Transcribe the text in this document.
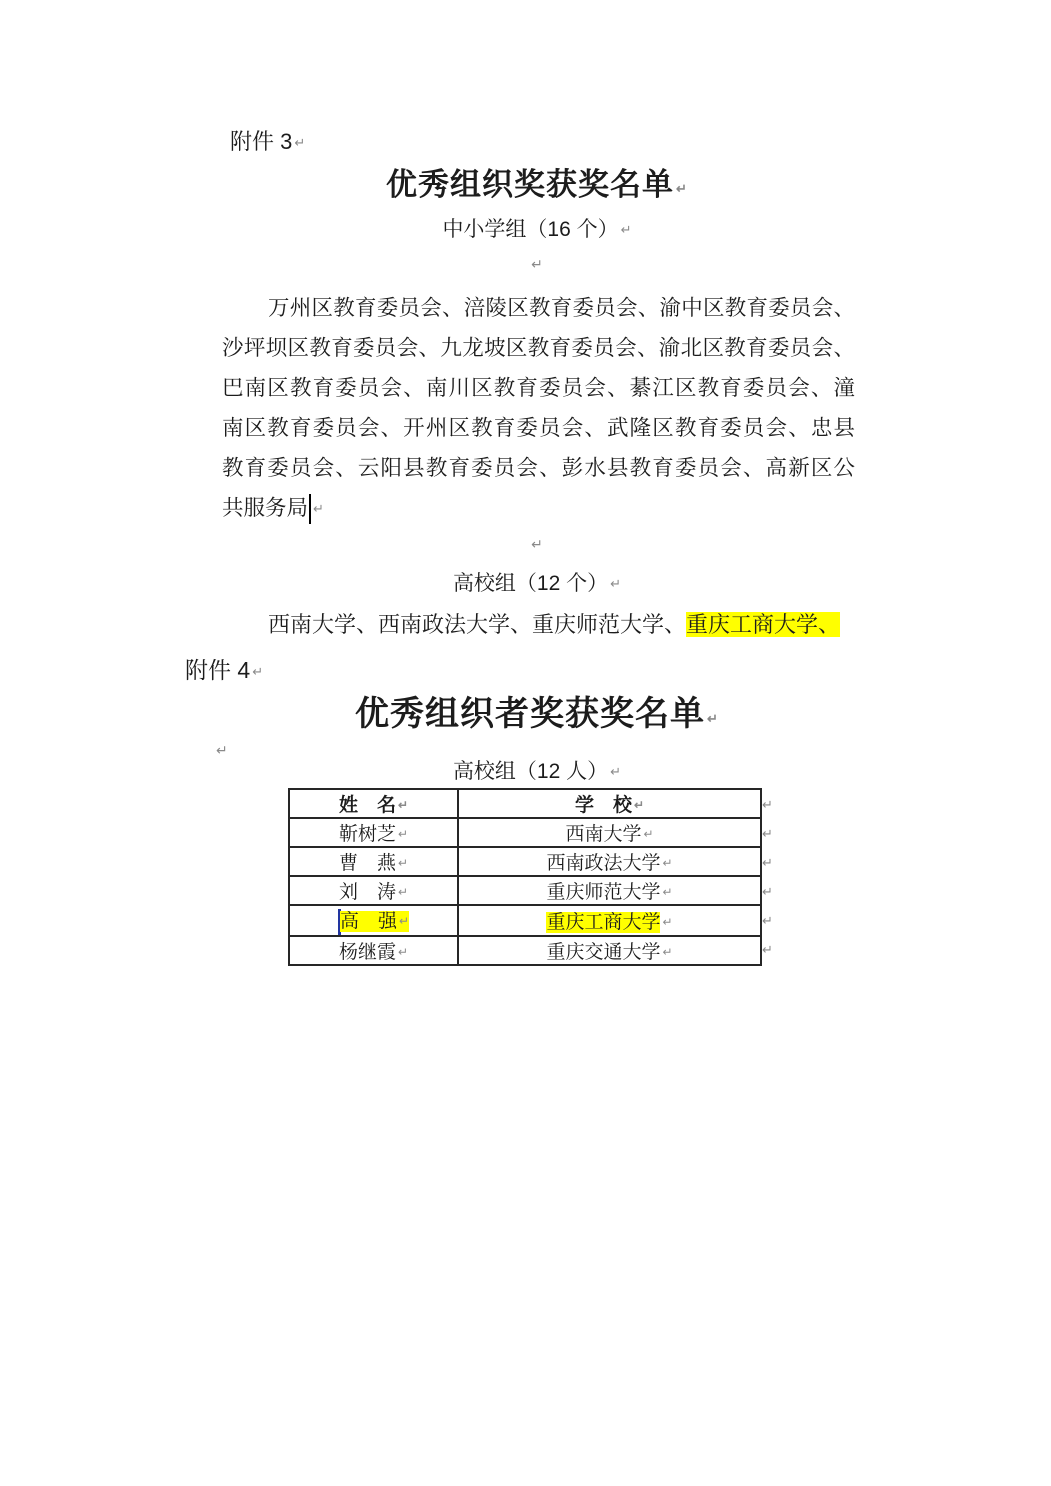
附件 3 ↵
优秀组织奖获奖名单 ↵
中小学组（16 个） ↵
↵
万州区教育委员会、涪陵区教育委员会、渝中区教育委员会、
沙坪坝区教育委员会、九龙坡区教育委员会、渝北区教育委员会、
巴南区教育委员会、南川区教育委员会、綦江区教育委员会、潼
南区教育委员会、开州区教育委员会、武隆区教育委员会、忠县
教育委员会、云阳县教育委员会、彭水县教育委员会、高新区公
共服务局 ↵
↵
高校组（12 个） ↵
西南大学、西南政法大学、重庆师范大学、重庆工商大学、
附件 4 ↵
优秀组织者奖获奖名单 ↵
↵
高校组（12 人） ↵
姓　名 ↵	学　校 ↵
靳树芝 ↵	西南大学 ↵
曹　燕 ↵	西南政法大学 ↵
刘　涛 ↵	重庆师范大学 ↵
高　强 ↵	重庆工商大学 ↵
杨继霞 ↵	重庆交通大学 ↵
↵
↵
↵
↵
↵
↵
